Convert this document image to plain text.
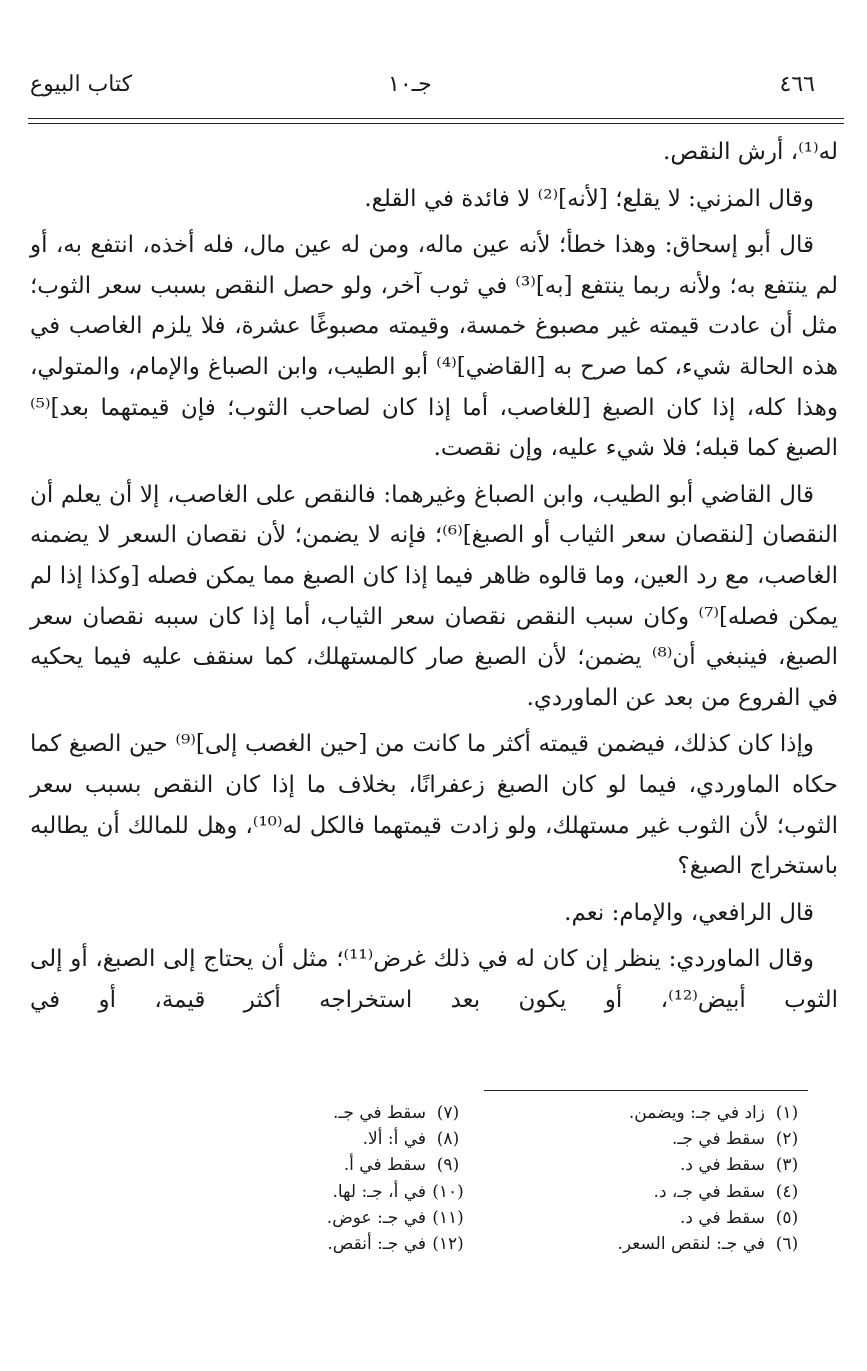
٤٦٦
جـ١٠
كتاب البيوع

له⁽¹⁾، أرش النقص.

وقال المزني: لا يقلع؛ [لأنه]⁽²⁾ لا فائدة في القلع.

قال أبو إسحاق: وهذا خطأ؛ لأنه عين ماله، ومن له عين مال، فله أخذه، انتفع به، أو لم ينتفع به؛ ولأنه ربما ينتفع [به]⁽³⁾ في ثوب آخر، ولو حصل النقص بسبب سعر الثوب؛ مثل أن عادت قيمته غير مصبوغ خمسة، وقيمته مصبوغًا عشرة، فلا يلزم الغاصب في هذه الحالة شيء، كما صرح به [القاضي]⁽⁴⁾ أبو الطيب، وابن الصباغ والإمام، والمتولي، وهذا كله، إذا كان الصبغ [للغاصب، أما إذا كان لصاحب الثوب؛ فإن قيمتهما بعد]⁽⁵⁾ الصبغ كما قبله؛ فلا شيء عليه، وإن نقصت.

قال القاضي أبو الطيب، وابن الصباغ وغيرهما: فالنقص على الغاصب، إلا أن يعلم أن النقصان [لنقصان سعر الثياب أو الصبغ]⁽⁶⁾؛ فإنه لا يضمن؛ لأن نقصان السعر لا يضمنه الغاصب، مع رد العين، وما قالوه ظاهر فيما إذا كان الصبغ مما يمكن فصله [وكذا إذا لم يمكن فصله]⁽⁷⁾ وكان سبب النقص نقصان سعر الثياب، أما إذا كان سببه نقصان سعر الصبغ، فينبغي أن⁽⁸⁾ يضمن؛ لأن الصبغ صار كالمستهلك، كما سنقف عليه فيما يحكيه في الفروع من بعد عن الماوردي.

وإذا كان كذلك، فيضمن قيمته أكثر ما كانت من [حين الغصب إلى]⁽⁹⁾ حين الصبغ كما حكاه الماوردي، فيما لو كان الصبغ زعفرانًا، بخلاف ما إذا كان النقص بسبب سعر الثوب؛ لأن الثوب غير مستهلك، ولو زادت قيمتهما فالكل له⁽¹⁰⁾، وهل للمالك أن يطالبه باستخراج الصبغ؟

قال الرافعي، والإمام: نعم.

وقال الماوردي: ينظر إن كان له في ذلك غرض⁽¹¹⁾؛ مثل أن يحتاج إلى الصبغ، أو إلى الثوب أبيض⁽¹²⁾، أو يكون بعد استخراجه أكثر قيمة، أو في

(١)زاد في جـ: ويضمن.
(٢)سقط في جـ.
(٣)سقط في د.
(٤)سقط في جـ، د.
(٥)سقط في د.
(٦)في جـ: لنقص السعر.
(٧)سقط في جـ.
(٨)في أ: ألا.
(٩)سقط في أ.
(١٠)في أ، جـ: لها.
(١١)في جـ: عوض.
(١٢)في جـ: أنقص.
